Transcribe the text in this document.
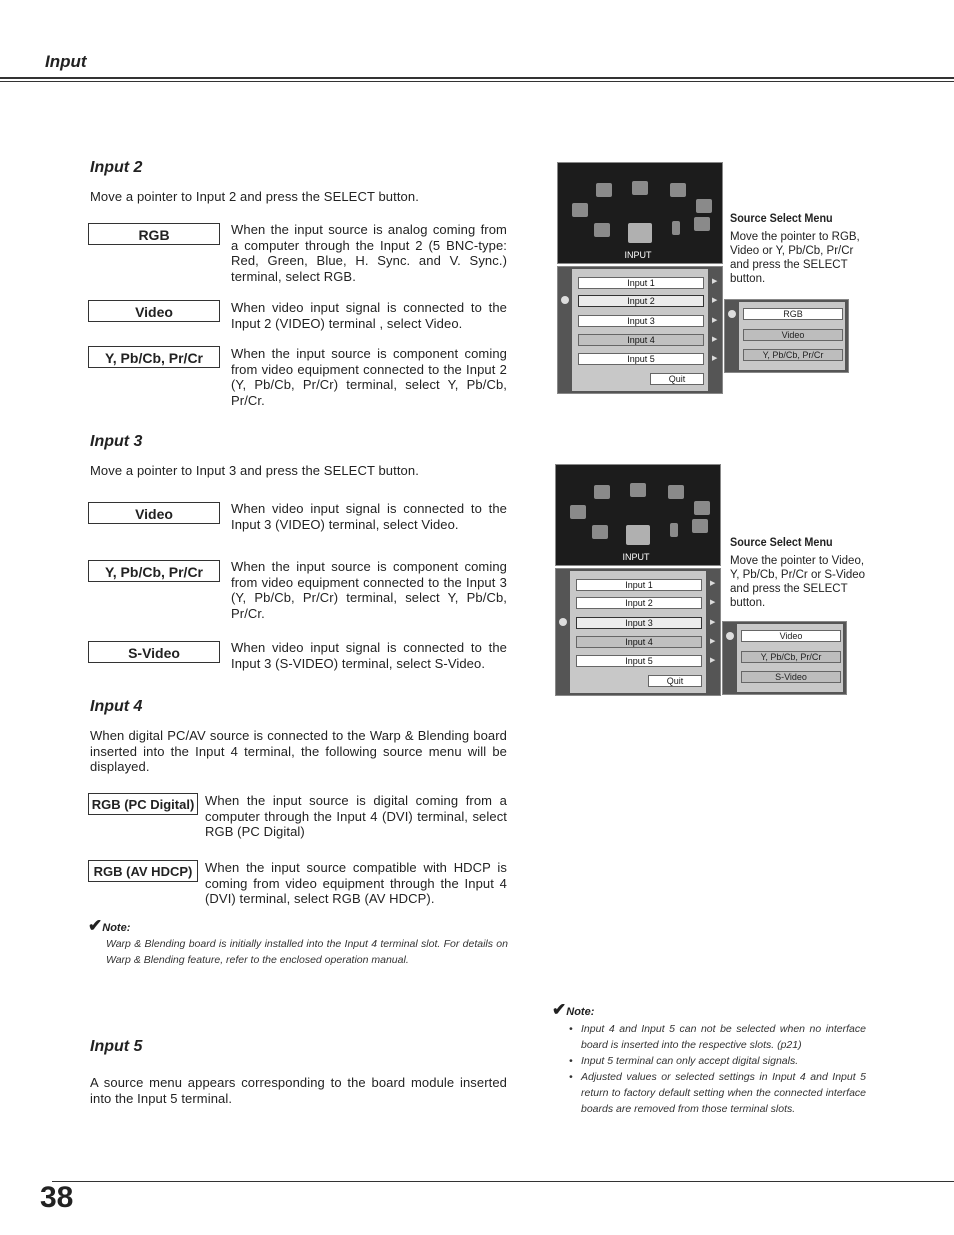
Input
Input 2
Move a pointer to Input 2 and press the SELECT button.
RGB	When the input source is analog coming from a computer through the Input 2 (5 BNC-type: Red, Green, Blue, H. Sync. and V. Sync.) terminal, select RGB.
Video	When video input signal is connected to the Input 2 (VIDEO) terminal , select Video.
Y, Pb/Cb, Pr/Cr	When the input source is component coming from video equipment connected to the Input 2 (Y, Pb/Cb, Pr/Cr) terminal, select Y, Pb/Cb, Pr/Cr.
Input 3
Move a pointer to Input 3 and press the SELECT button.
Video	When video input signal is connected to the Input 3 (VIDEO) terminal, select Video.
Y, Pb/Cb, Pr/Cr	When the input source is component coming from video equipment connected to the Input 3 (Y, Pb/Cb, Pr/Cr) terminal, select Y, Pb/Cb, Pr/Cr.
S-Video	When video input signal is connected to the Input 3 (S-VIDEO) terminal, select S-Video.
Input 4
When digital PC/AV source is connected to the Warp & Blending board inserted into the Input 4 terminal, the following source menu will be displayed.
RGB (PC Digital) When the input source is digital coming from a computer through the Input 4 (DVI) terminal, select RGB (PC Digital)
RGB (AV HDCP) When the input source compatible with HDCP is coming from video equipment through the Input 4 (DVI) terminal, select RGB (AV HDCP).
✔Note:
Warp & Blending board is initially installed into the Input 4 terminal slot. For details on Warp & Blending feature, refer to the enclosed operation manual.
Input 5
A source menu appears corresponding to the board module inserted into the Input 5 terminal.
INPUT
Input 1
Input 2
Input 3
Input 4
Input 5
Quit
▶
▶
▶
▶
▶
RGB
Video
Y, Pb/Cb, Pr/Cr
Source Select Menu
Move the pointer to RGB, Video or Y, Pb/Cb, Pr/Cr and press the SELECT button.
INPUT
Input 1
Input 2
Input 3
Input 4
Input 5
Quit
▶
▶
▶
▶
▶
Video
Y, Pb/Cb, Pr/Cr
S-Video
Source Select Menu
Move the pointer to Video, Y, Pb/Cb, Pr/Cr or S-Video and press the SELECT button.
✔Note:
• Input 4 and Input 5 can not be selected when no interface board is inserted into the respective slots. (p21)
• Input 5 terminal can only accept digital signals.
• Adjusted values or selected settings in Input 4 and Input 5 return to factory default setting when the connected interface boards are removed from those terminal slots.
38
